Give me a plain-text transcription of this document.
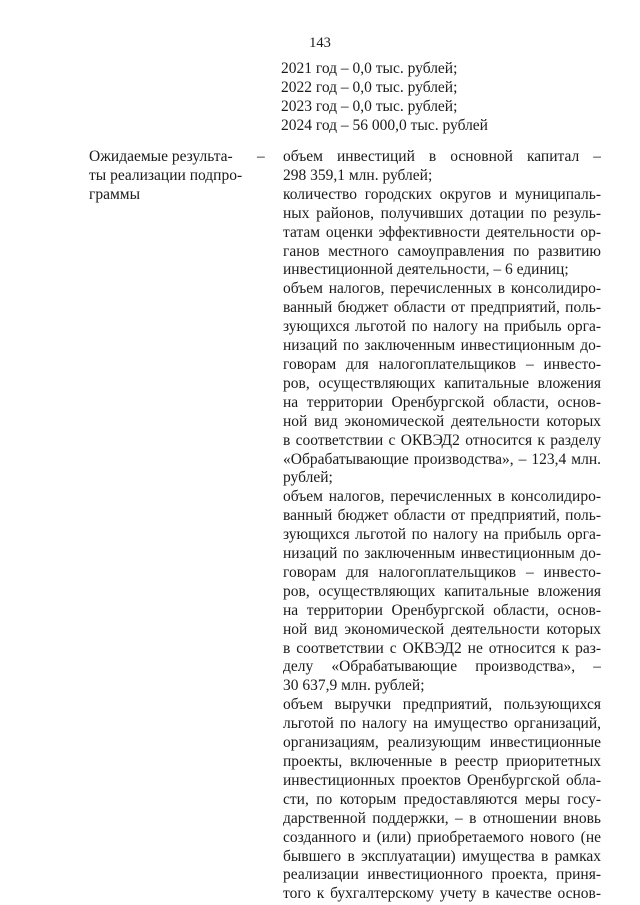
143
2021 год – 0,0 тыс. рублей;
2022 год – 0,0 тыс. рублей;
2023 год – 0,0 тыс. рублей;
2024 год – 56 000,0 тыс. рублей
Ожидаемые результа-
ты реализации подпро-
граммы
–	объем инвестиций в основной капитал –
298 359,1 млн. рублей;
количество городских округов и муниципаль-
ных районов, получивших дотации по резуль-
татам оценки эффективности деятельности ор-
ганов местного самоуправления по развитию
инвестиционной деятельности, – 6 единиц;
объем налогов, перечисленных в консолидиро-
ванный бюджет области от предприятий, поль-
зующихся льготой по налогу на прибыль орга-
низаций по заключенным инвестиционным до-
говорам для налогоплательщиков – инвесто-
ров, осуществляющих капитальные вложения
на территории Оренбургской области, основ-
ной вид экономической деятельности которых
в соответствии с ОКВЭД2 относится к разделу
«Обрабатывающие производства», – 123,4 млн.
рублей;
объем налогов, перечисленных в консолидиро-
ванный бюджет области от предприятий, поль-
зующихся льготой по налогу на прибыль орга-
низаций по заключенным инвестиционным до-
говорам для налогоплательщиков – инвесто-
ров, осуществляющих капитальные вложения
на территории Оренбургской области, основ-
ной вид экономической деятельности которых
в соответствии с ОКВЭД2 не относится к раз-
делу «Обрабатывающие производства», –
30 637,9 млн. рублей;
объем выручки предприятий, пользующихся
льготой по налогу на имущество организаций,
организациям, реализующим инвестиционные
проекты, включенные в реестр приоритетных
инвестиционных проектов Оренбургской обла-
сти, по которым предоставляются меры госу-
дарственной поддержки, – в отношении вновь
созданного и (или) приобретаемого нового (не
бывшего в эксплуатации) имущества в рамках
реализации инвестиционного проекта, приня-
того к бухгалтерскому учету в качестве основ-
